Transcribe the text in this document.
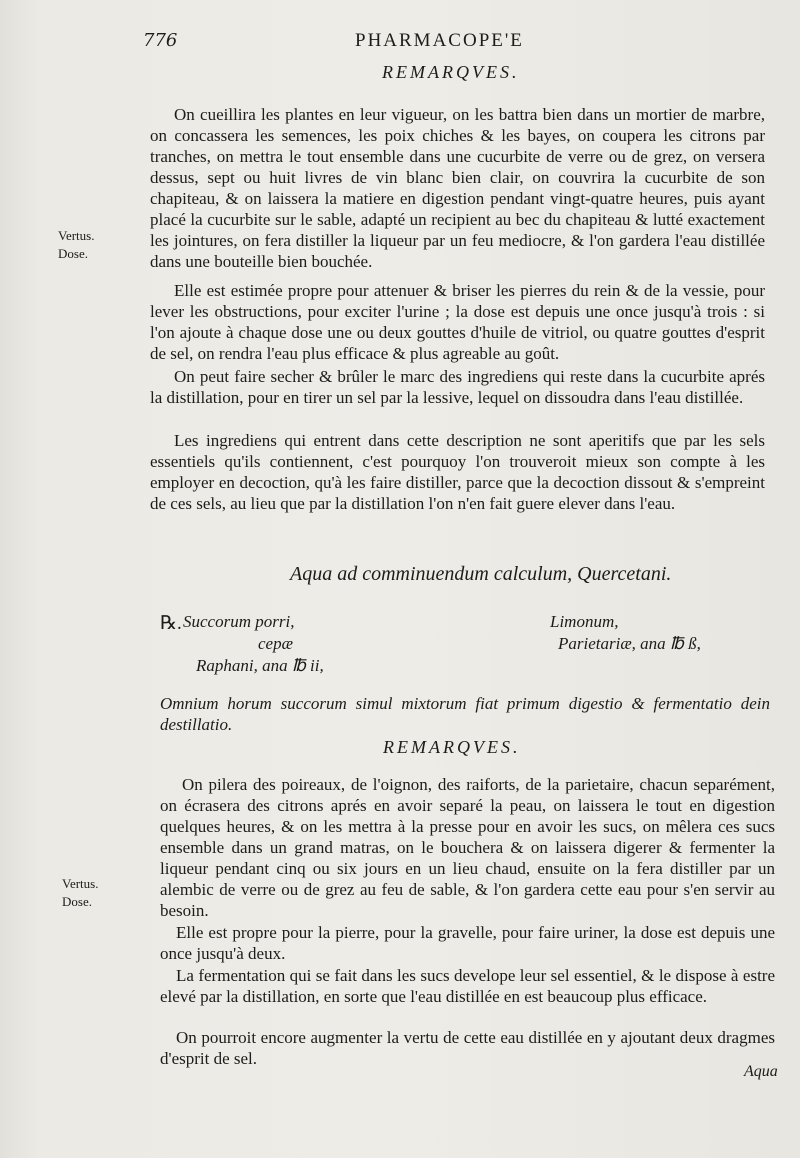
776	PHARMACOPE'E
REMARQVES.
Vertus.
Dose.

On cueillira les plantes en leur vigueur, on les battra bien dans un mortier de marbre, on concassera les semences, les poix chiches & les bayes, on coupera les citrons par tranches, on mettra le tout ensemble dans une cucurbite de verre ou de grez, on versera dessus, sept ou huit livres de vin blanc bien clair, on couvrira la cucurbite de son chapiteau, & on laissera la matiere en digestion pendant vingt-quatre heures, puis ayant placé la cucurbite sur le sable, adapté un recipient au bec du chapiteau & lutté exactement les jointures, on fera distiller la liqueur par un feu mediocre, & l'on gardera l'eau distillée dans une bouteille bien bouchée.

Elle est estimée propre pour attenuer & briser les pierres du rein & de la vessie, pour lever les obstructions, pour exciter l'urine ; la dose est depuis une once jusqu'à trois : si l'on ajoute à chaque dose une ou deux gouttes d'huile de vitriol, ou quatre gouttes d'esprit de sel, on rendra l'eau plus efficace & plus agreable au goût.

On peut faire secher & brûler le marc des ingrediens qui reste dans la cucurbite aprés la distillation, pour en tirer un sel par la lessive, lequel on dissoudra dans l'eau distillée.

Les ingrediens qui entrent dans cette description ne sont aperitifs que par les sels essentiels qu'ils contiennent, c'est pourquoy l'on trouveroit mieux son compte à les employer en decoction, qu'à les faire distiller, parce que la decoction dissout & s'empreint de ces sels, au lieu que par la distillation l'on n'en fait guere elever dans l'eau.

Aqua ad comminuendum calculum, Quercetani.
℞. Succorum porri,
cepæ
Raphani, ana ℔ ii,
Limonum,
Parietariæ, ana ℔ ß,

Omnium horum succorum simul mixtorum fiat primum digestio & fermentatio dein destillatio.

REMARQVES.
Vertus.
Dose.

On pilera des poireaux, de l'oignon, des raiforts, de la parietaire, chacun separément, on écrasera des citrons aprés en avoir separé la peau, on laissera le tout en digestion quelques heures, & on les mettra à la presse pour en avoir les sucs, on mêlera ces sucs ensemble dans un grand matras, on le bouchera & on laissera digerer & fermenter la liqueur pendant cinq ou six jours en un lieu chaud, ensuite on la fera distiller par un alembic de verre ou de grez au feu de sable, & l'on gardera cette eau pour s'en servir au besoin.

Elle est propre pour la pierre, pour la gravelle, pour faire uriner, la dose est depuis une once jusqu'à deux.

La fermentation qui se fait dans les sucs develope leur sel essentiel, & le dispose à estre elevé par la distillation, en sorte que l'eau distillée en est beaucoup plus efficace.

On pourroit encore augmenter la vertu de cette eau distillée en y ajoutant deux dragmes d'esprit de sel.

Aqua
